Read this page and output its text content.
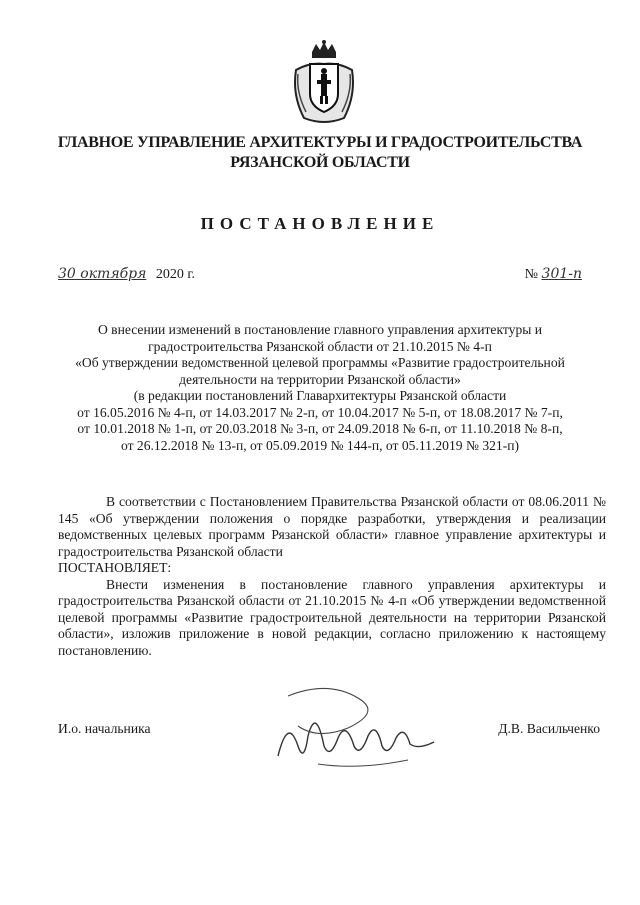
ГЛАВНОЕ УПРАВЛЕНИЕ АРХИТЕКТУРЫ И ГРАДОСТРОИТЕЛЬСТВА
РЯЗАНСКОЙ ОБЛАСТИ
ПОСТАНОВЛЕНИЕ
30 октября 2020 г.	№ 301-п
О внесении изменений в постановление главного управления архитектуры и
градостроительства Рязанской области от 21.10.2015 № 4-п
«Об утверждении ведомственной целевой программы «Развитие градостроительной
деятельности на территории Рязанской области»
(в редакции постановлений Главархитектуры Рязанской области
от 16.05.2016 № 4-п, от 14.03.2017 № 2-п, от 10.04.2017 № 5-п, от 18.08.2017 № 7-п,
от 10.01.2018 № 1-п, от 20.03.2018 № 3-п, от 24.09.2018 № 6-п, от 11.10.2018 № 8-п,
от 26.12.2018 № 13-п, от 05.09.2019 № 144-п, от 05.11.2019 № 321-п)

В соответствии с Постановлением Правительства Рязанской области от 08.06.2011 № 145 «Об утверждении положения о порядке разработки, утверждения и реализации ведомственных целевых программ Рязанской области» главное управление архитектуры и градостроительства Рязанской области

ПОСТАНОВЛЯЕТ:

Внести изменения в постановление главного управления архитектуры и градостроительства Рязанской области от 21.10.2015 № 4-п «Об утверждении ведомственной целевой программы «Развитие градостроительной деятельности на территории Рязанской области», изложив приложение в новой редакции, согласно приложению к настоящему постановлению.

И.о. начальника	Д.В. Васильченко
